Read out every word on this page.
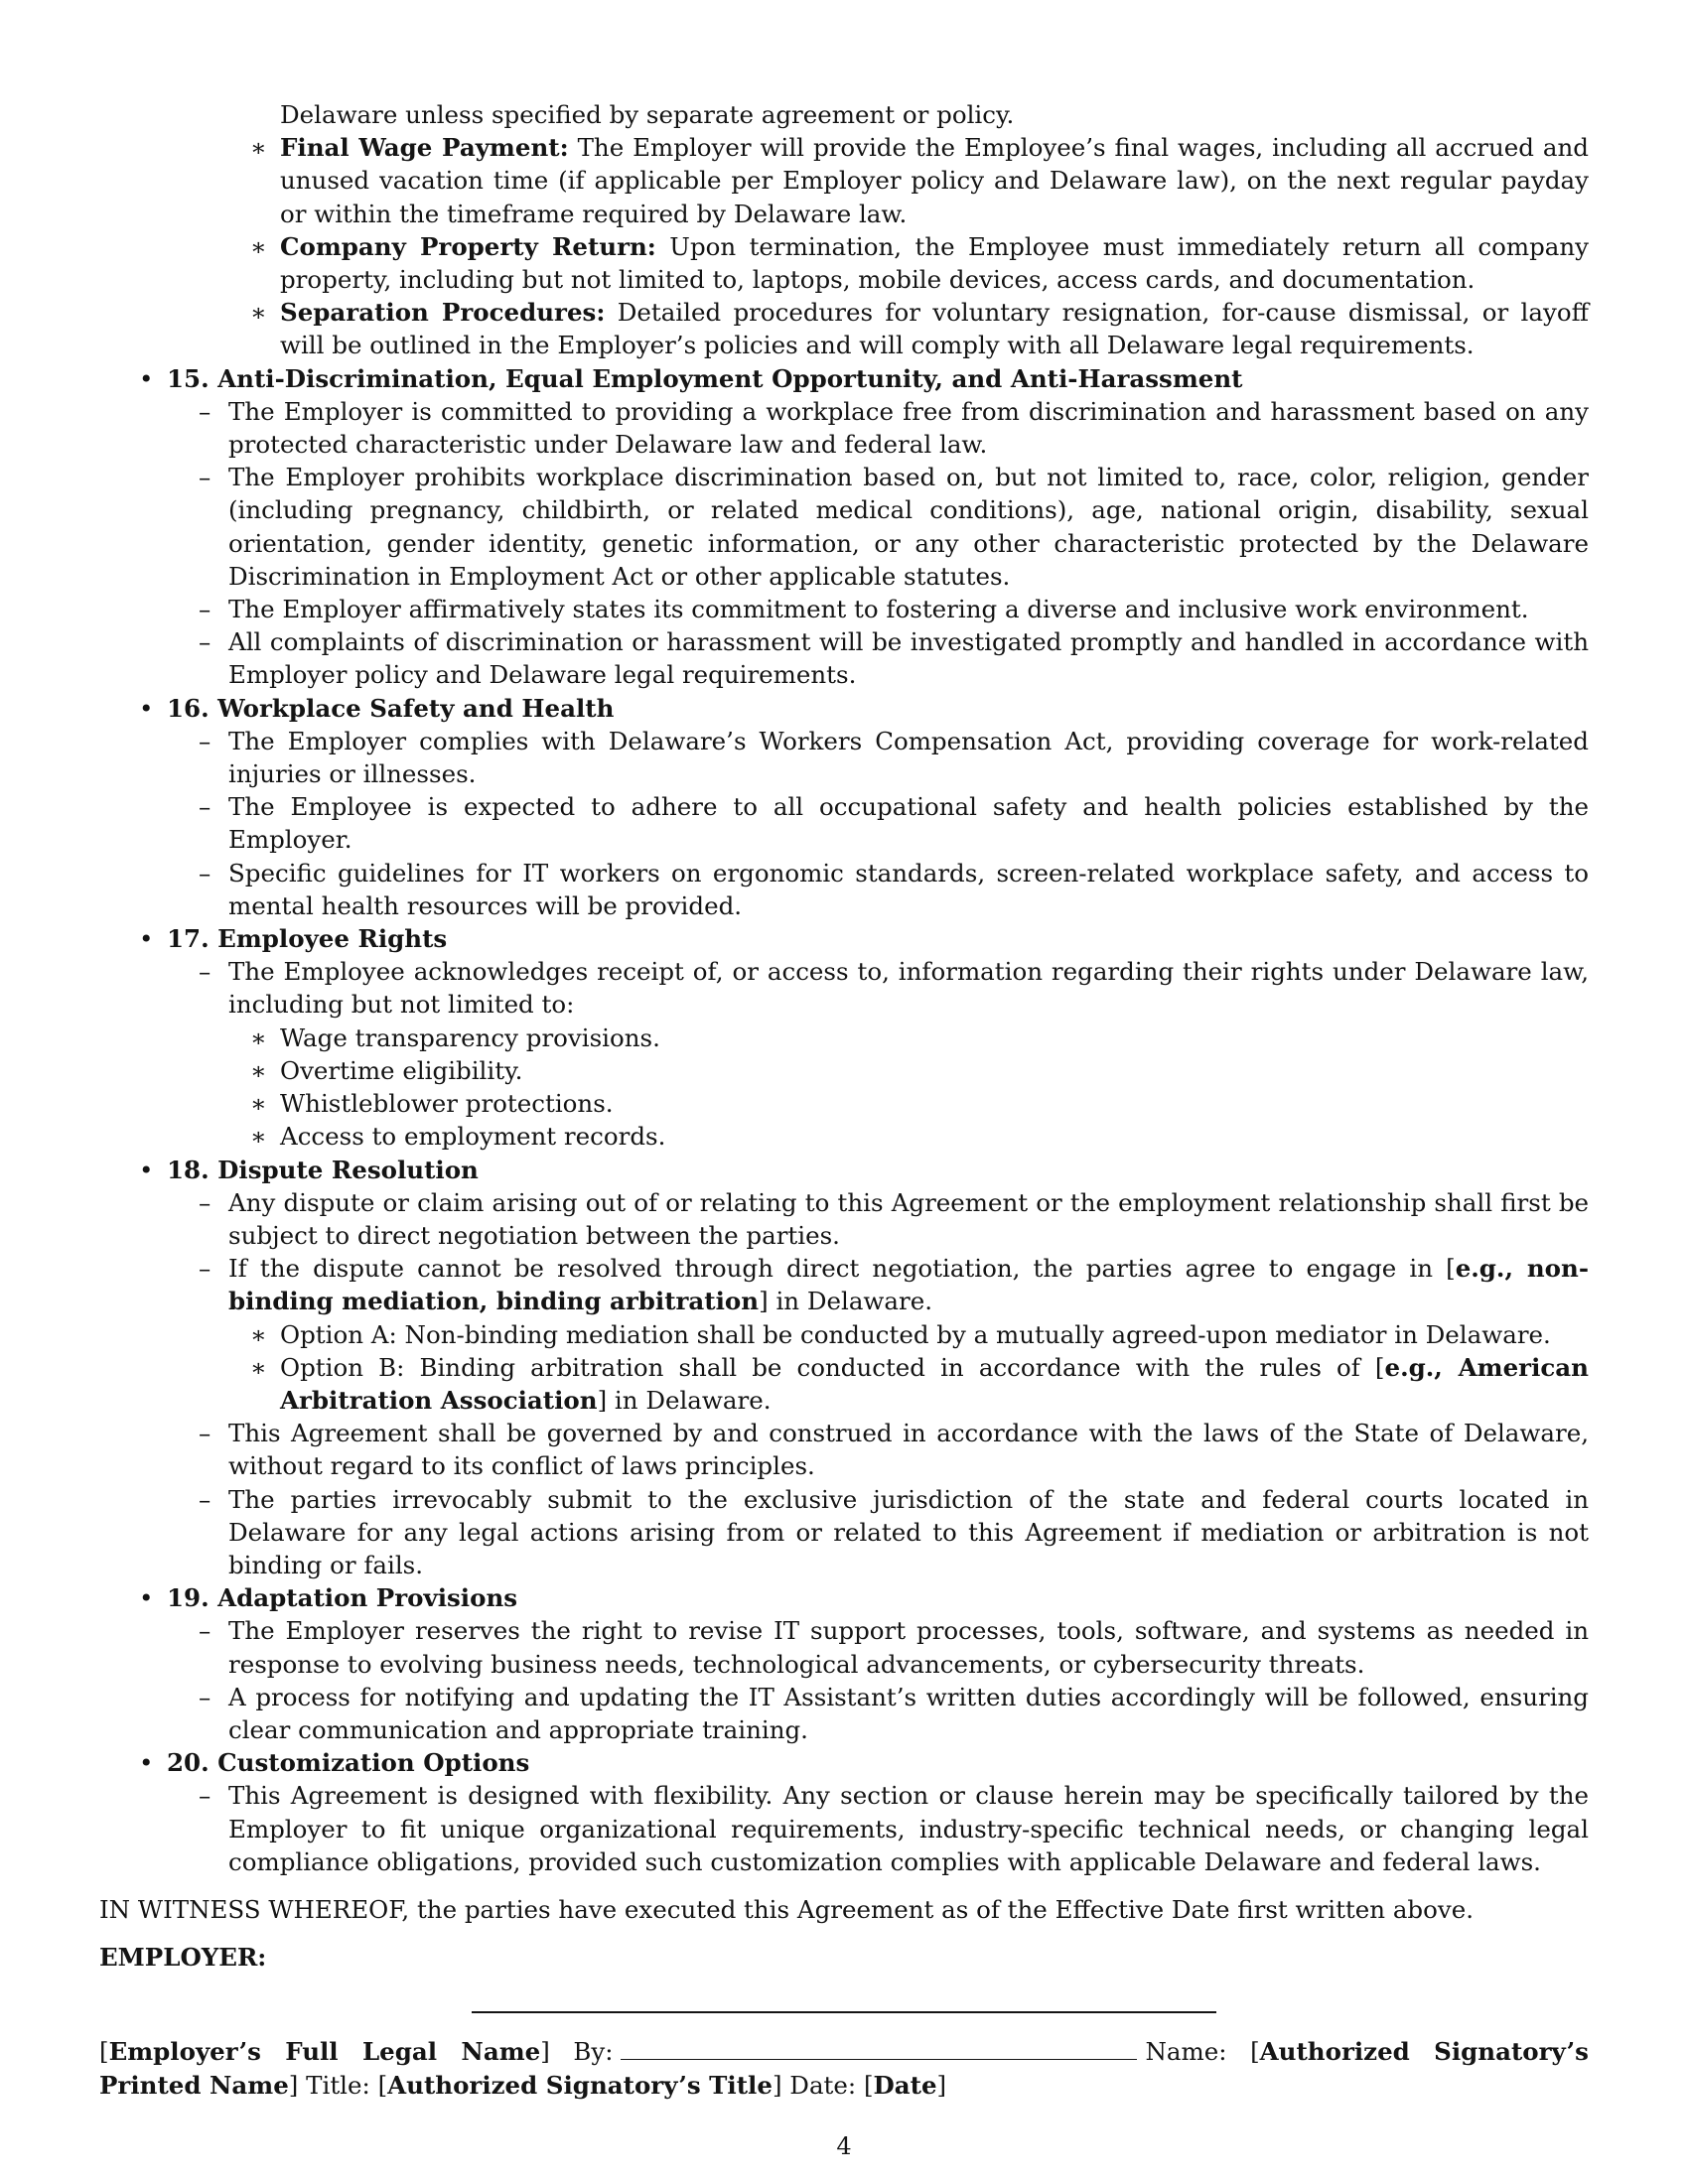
Delaware unless specified by separate agreement or policy.
∗ Final Wage Payment: The Employer will provide the Employee’s final wages, including all accrued and unused vacation time (if applicable per Employer policy and Delaware law), on the next regular payday or within the timeframe required by Delaware law.
∗ Company Property Return: Upon termination, the Employee must immediately return all company property, including but not limited to, laptops, mobile devices, access cards, and documentation.
∗ Separation Procedures: Detailed procedures for voluntary resignation, for-cause dismissal, or layoff will be outlined in the Employer’s policies and will comply with all Delaware legal requirements.
• 15. Anti-Discrimination, Equal Employment Opportunity, and Anti-Harassment
– The Employer is committed to providing a workplace free from discrimination and harassment based on any protected characteristic under Delaware law and federal law.
– The Employer prohibits workplace discrimination based on, but not limited to, race, color, religion, gender (including pregnancy, childbirth, or related medical conditions), age, national origin, disability, sexual orientation, gender identity, genetic information, or any other characteristic protected by the Delaware Discrimination in Employment Act or other applicable statutes.
– The Employer affirmatively states its commitment to fostering a diverse and inclusive work environment.
– All complaints of discrimination or harassment will be investigated promptly and handled in accordance with Employer policy and Delaware legal requirements.
• 16. Workplace Safety and Health
– The Employer complies with Delaware’s Workers Compensation Act, providing coverage for work-related injuries or illnesses.
– The Employee is expected to adhere to all occupational safety and health policies established by the Employer.
– Specific guidelines for IT workers on ergonomic standards, screen-related workplace safety, and access to mental health resources will be provided.
• 17. Employee Rights
– The Employee acknowledges receipt of, or access to, information regarding their rights under Delaware law, including but not limited to:
∗ Wage transparency provisions.
∗ Overtime eligibility.
∗ Whistleblower protections.
∗ Access to employment records.
• 18. Dispute Resolution
– Any dispute or claim arising out of or relating to this Agreement or the employment relationship shall first be subject to direct negotiation between the parties.
– If the dispute cannot be resolved through direct negotiation, the parties agree to engage in [e.g., non-binding mediation, binding arbitration] in Delaware.
∗ Option A: Non-binding mediation shall be conducted by a mutually agreed-upon mediator in Delaware.
∗ Option B: Binding arbitration shall be conducted in accordance with the rules of [e.g., American Arbitration Association] in Delaware.
– This Agreement shall be governed by and construed in accordance with the laws of the State of Delaware, without regard to its conflict of laws principles.
– The parties irrevocably submit to the exclusive jurisdiction of the state and federal courts located in Delaware for any legal actions arising from or related to this Agreement if mediation or arbitration is not binding or fails.
• 19. Adaptation Provisions
– The Employer reserves the right to revise IT support processes, tools, software, and systems as needed in response to evolving business needs, technological advancements, or cybersecurity threats.
– A process for notifying and updating the IT Assistant’s written duties accordingly will be followed, ensuring clear communication and appropriate training.
• 20. Customization Options
– This Agreement is designed with flexibility. Any section or clause herein may be specifically tailored by the Employer to fit unique organizational requirements, industry-specific technical needs, or changing legal compliance obligations, provided such customization complies with applicable Delaware and federal laws.
IN WITNESS WHEREOF, the parties have executed this Agreement as of the Effective Date first written above.
EMPLOYER:
[Employer’s Full Legal Name] By:	Name: [Authorized Signatory’s Printed Name] Title: [Authorized Signatory’s Title] Date: [Date]
4
